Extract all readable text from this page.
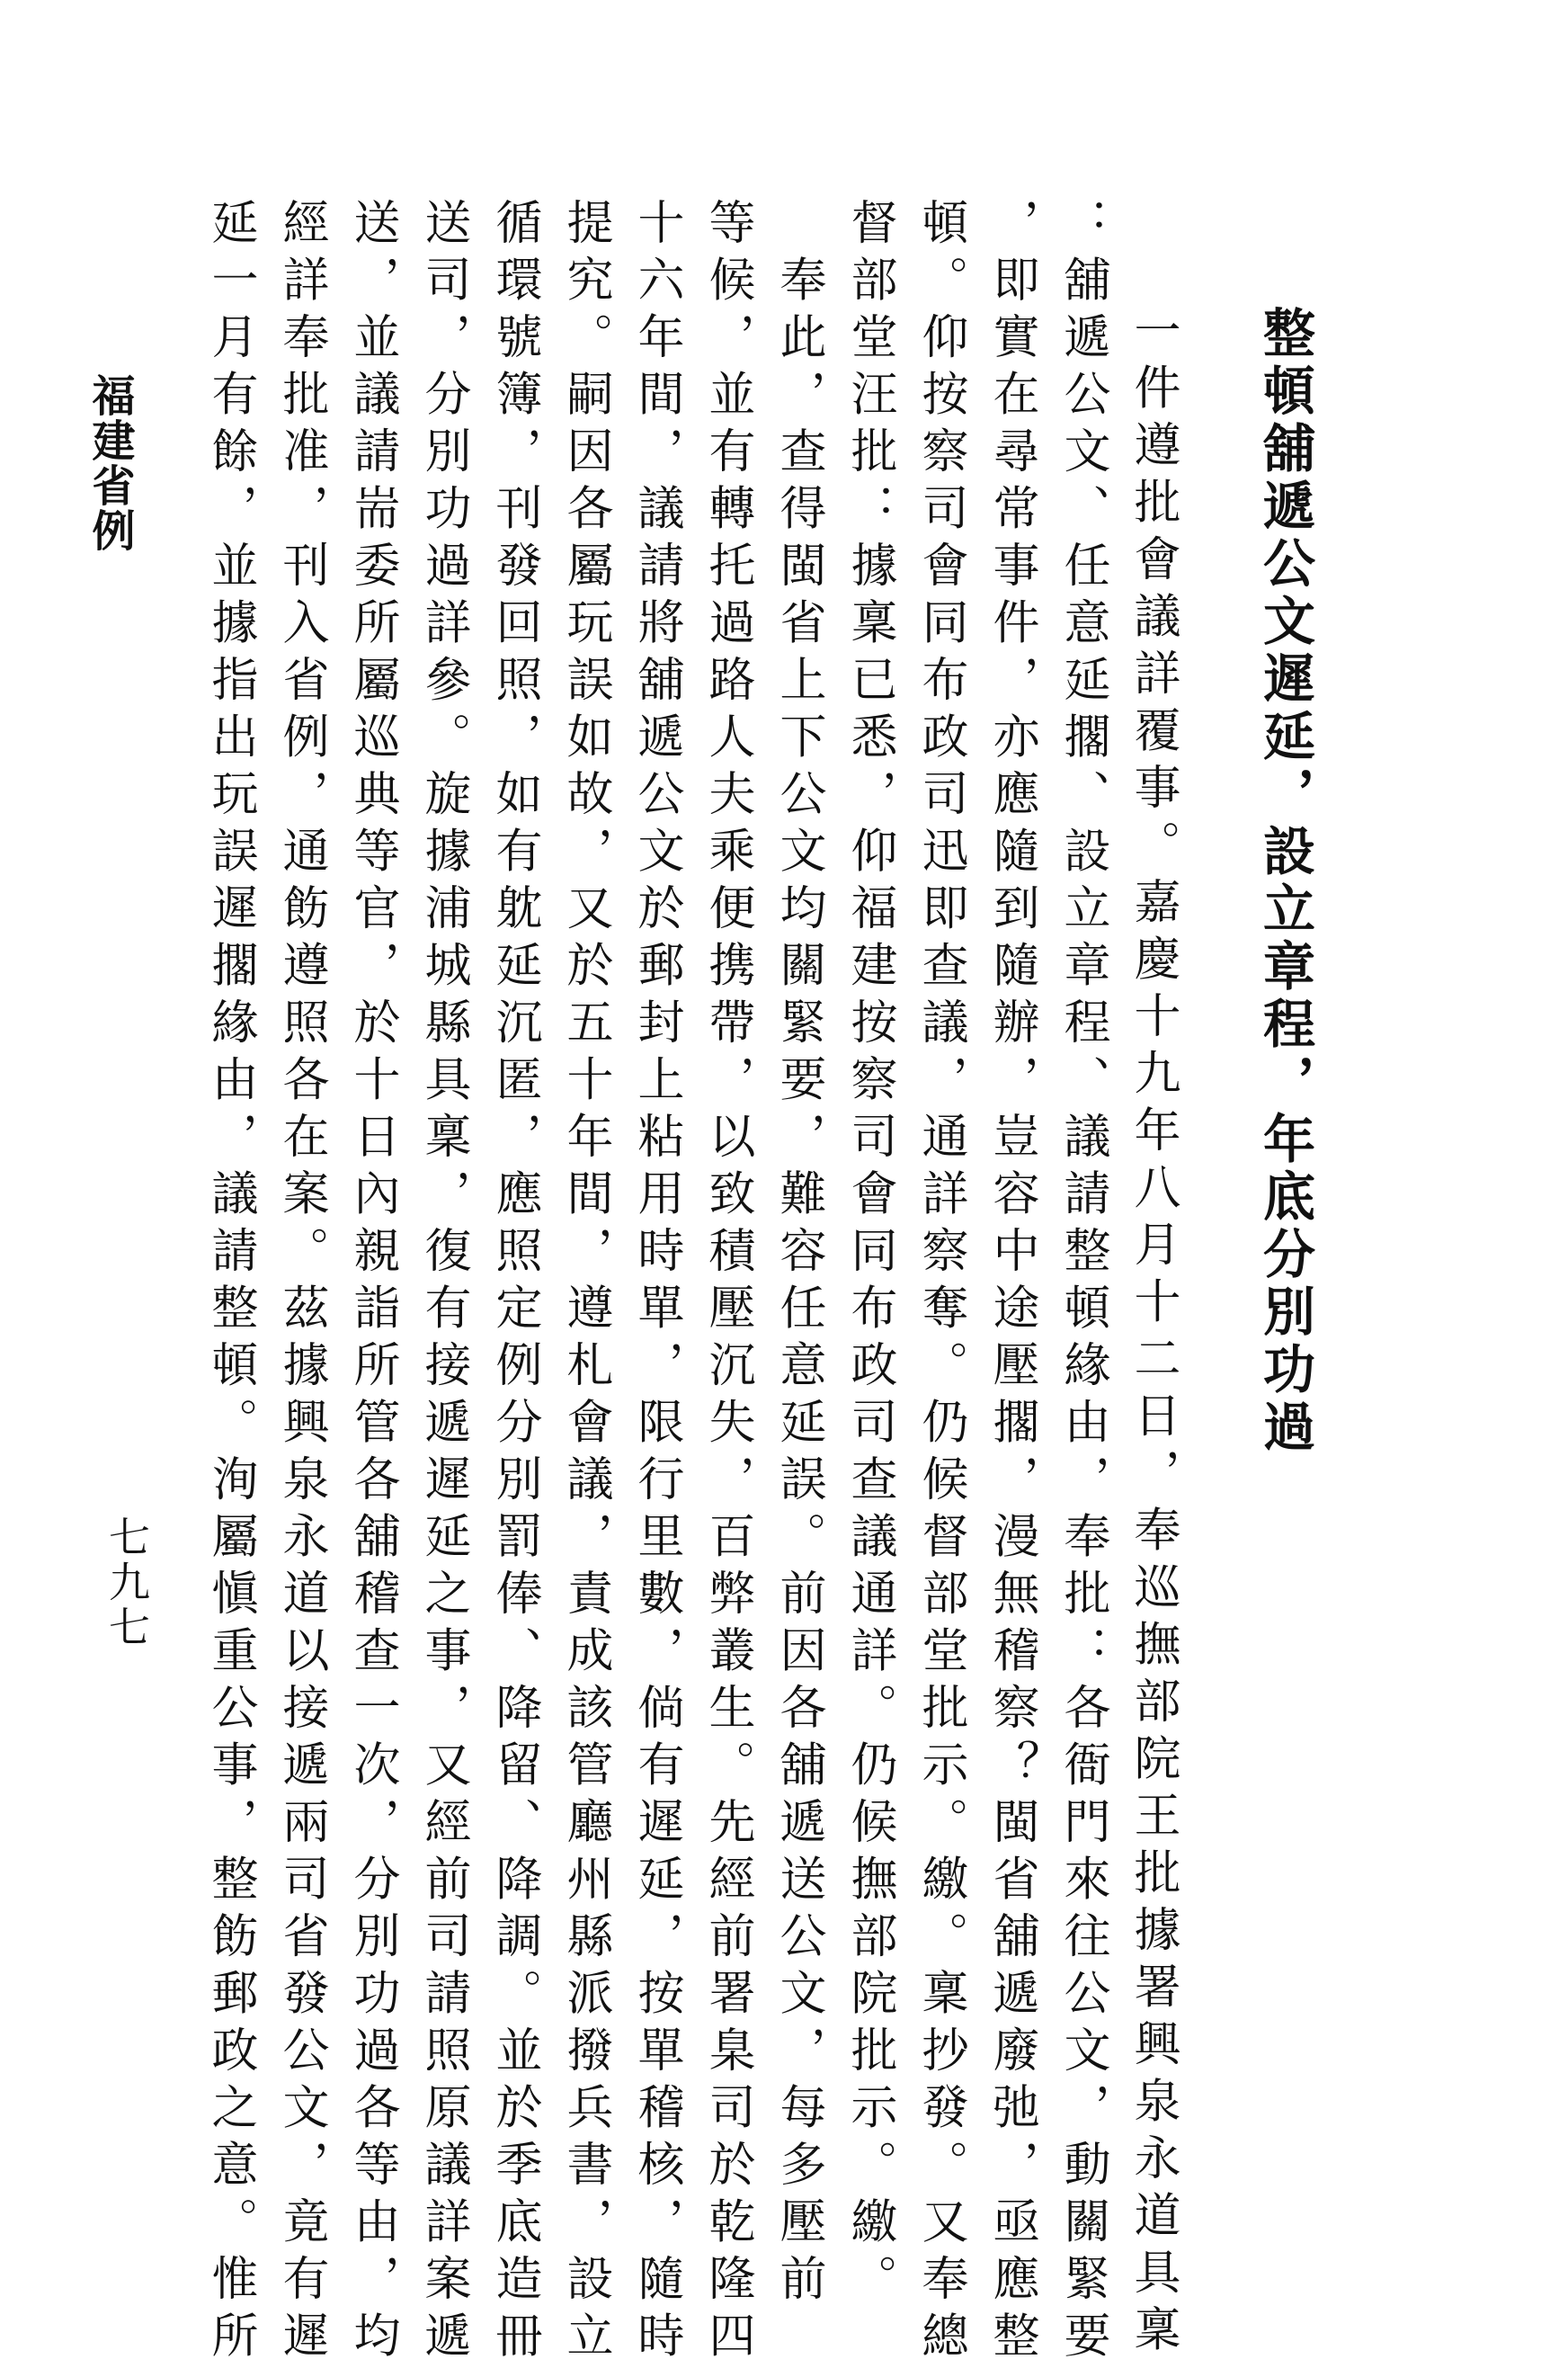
整頓舖遞公文遲延，設立章程，年底分別功過
一件遵批會議詳覆事。嘉慶十九年八月十二日，奉巡撫部院王批據署興泉永道具稟
：舖遞公文、任意延擱、設立章程、議請整頓緣由，奉批：各衙門來往公文，動關緊要
，即實在尋常事件，亦應隨到隨辦，豈容中途壓擱，漫無稽察？閩省舖遞廢弛，亟應整
頓。仰按察司會同布政司迅即查議，通詳察奪。仍候督部堂批示。繳。稟抄發。又奉總
督部堂汪批：據稟已悉，仰福建按察司會同布政司查議通詳。仍候撫部院批示。繳。
　奉此，查得閩省上下公文均關緊要，難容任意延誤。前因各舖遞送公文，每多壓前
等候，並有轉托過路人夫乘便携帶，以致積壓沉失，百弊叢生。先經前署臬司於乾隆四
十六年間，議請將舖遞公文於郵封上粘用時單，限行里數，倘有遲延，按單稽核，隨時
提究。嗣因各屬玩誤如故，又於五十年間，遵札會議，責成該管廳州縣派撥兵書，設立
循環號簿，刊發回照，如有躭延沉匿，應照定例分別罰俸、降留、降調。並於季底造冊
送司，分別功過詳參。旋據浦城縣具稟，復有接遞遲延之事，又經前司請照原議詳案遞
送，並議請耑委所屬巡典等官，於十日內親詣所管各舖稽查一次，分別功過各等由，均
經詳奉批准，刊入省例，通飭遵照各在案。茲據興泉永道以接遞兩司省發公文，竟有遲
延一月有餘，並據指出玩誤遲擱緣由，議請整頓。洵屬愼重公事，整飭郵政之意。惟所
福建省例
七九七
